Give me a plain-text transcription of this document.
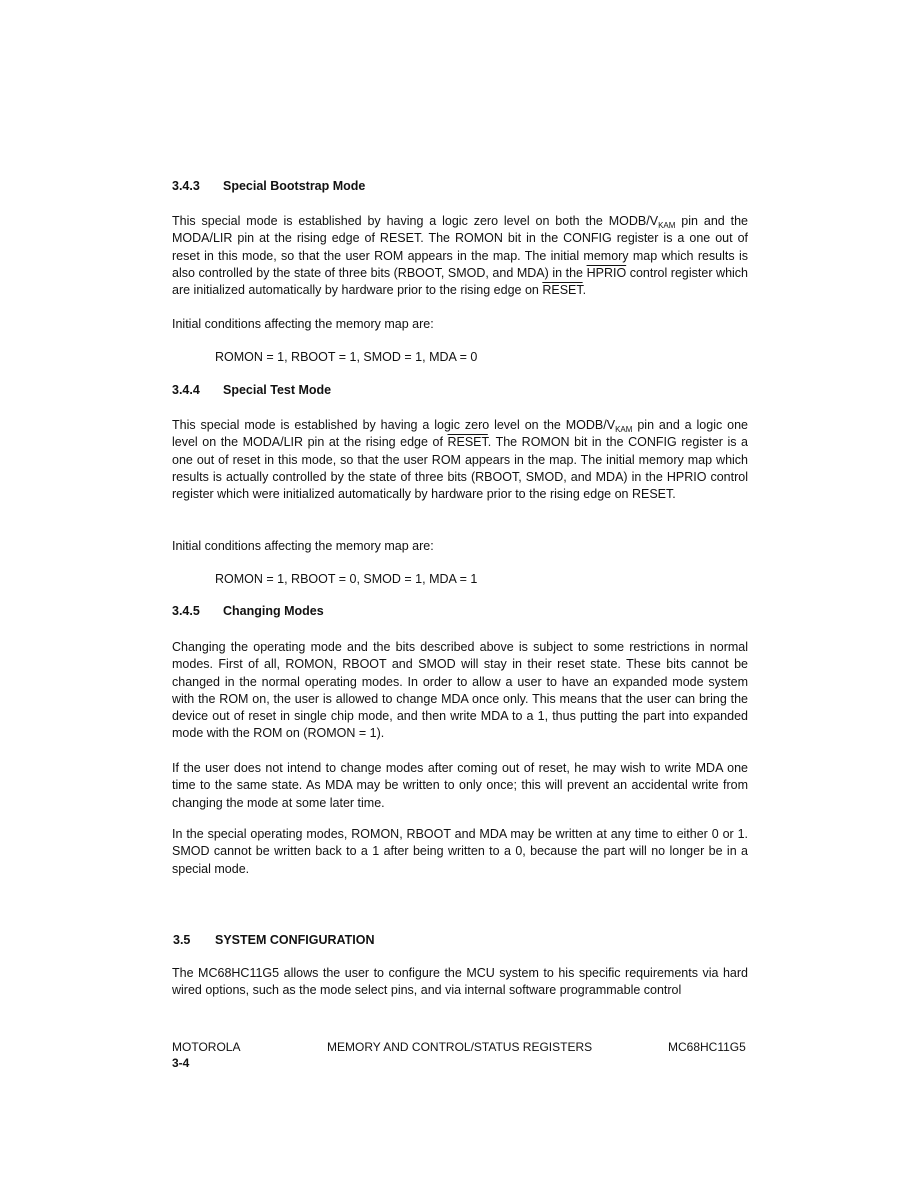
3.4.3 Special Bootstrap Mode

This special mode is established by having a logic zero level on both the MODB/$V_{KAM}$ pin and the MODA/LIR pin at the rising edge of RESET. The ROMON bit in the CONFIG register is a one out of reset in this mode, so that the user ROM appears in the map. The initial memory map which results is also controlled by the state of three bits (RBOOT, SMOD, and MDA) in the HPRIO control register which are initialized automatically by hardware prior to the rising edge on RESET.

Initial conditions affecting the memory map are:

ROMON = 1, RBOOT = 1, SMOD = 1, MDA = 0
3.4.4 Special Test Mode

This special mode is established by having a logic zero level on the MODB/$V_{KAM}$ pin and a logic one level on the MODA/LIR pin at the rising edge of RESET. The ROMON bit in the CONFIG register is a one out of reset in this mode, so that the user ROM appears in the map. The initial memory map which results is actually controlled by the state of three bits (RBOOT, SMOD, and MDA) in the HPRIO control register which were initialized automatically by hardware prior to the rising edge on RESET.

Initial conditions affecting the memory map are:

ROMON = 1, RBOOT = 0, SMOD = 1, MDA = 1
3.4.5 Changing Modes

Changing the operating mode and the bits described above is subject to some restrictions in normal modes. First of all, ROMON, RBOOT and SMOD will stay in their reset state. These bits cannot be changed in the normal operating modes. In order to allow a user to have an expanded mode system with the ROM on, the user is allowed to change MDA once only. This means that the user can bring the device out of reset in single chip mode, and then write MDA to a 1, thus putting the part into expanded mode with the ROM on (ROMON = 1).

If the user does not intend to change modes after coming out of reset, he may wish to write MDA one time to the same state. As MDA may be written to only once; this will prevent an accidental write from changing the mode at some later time.

In the special operating modes, ROMON, RBOOT and MDA may be written at any time to either 0 or 1. SMOD cannot be written back to a 1 after being written to a 0, because the part will no longer be in a special mode.

3.5 SYSTEM CONFIGURATION

The MC68HC11G5 allows the user to configure the MCU system to his specific requirements via hard wired options, such as the mode select pins, and via internal software programmable control

MOTOROLA
3-4
MEMORY AND CONTROL/STATUS REGISTERS	MC68HC11G5
